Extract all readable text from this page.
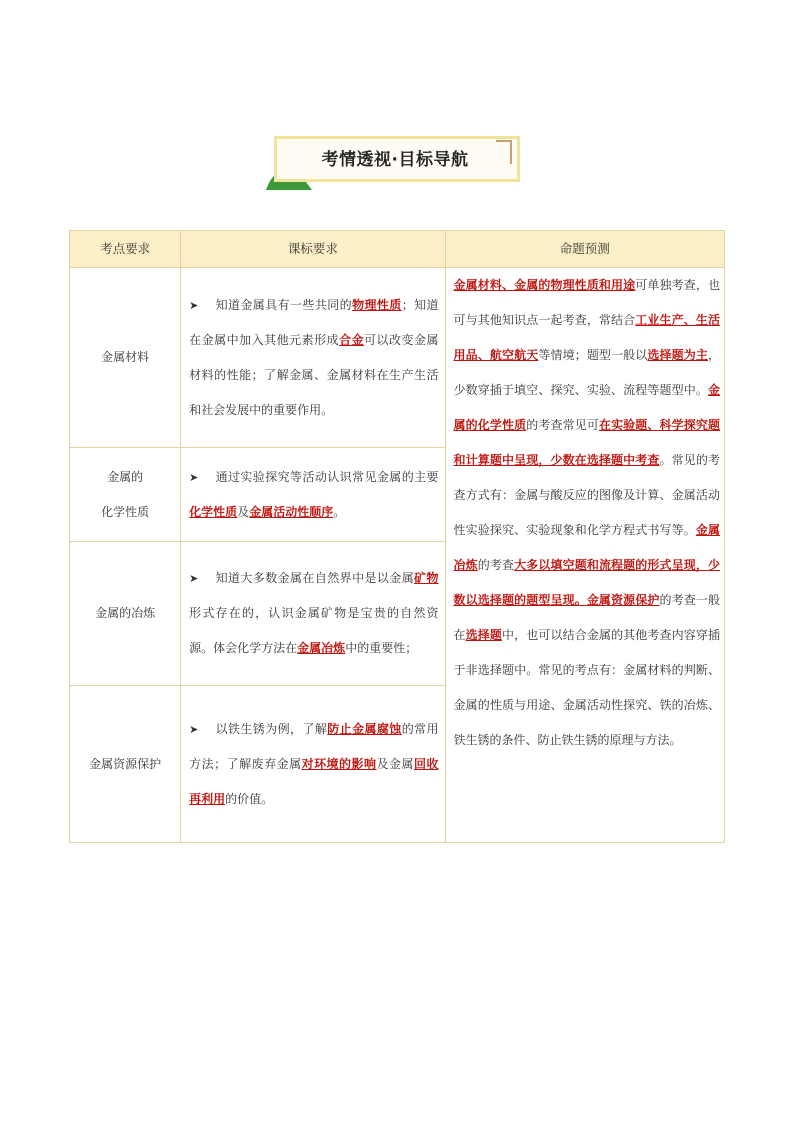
考情透视·目标导航
考点要求	课标要求	命题预测
金属材料	➤ 知道金属具有一些共同的物理性质；知道在金属中加入其他元素形成合金可以改变金属材料的性能；了解金属、金属材料在生产生活和社会发展中的重要作用。	金属材料、金属的物理性质和用途可单独考查，也可与其他知识点一起考查，常结合工业生产、生活用品、航空航天等情境；题型一般以选择题为主，少数穿插于填空、探究、实验、流程等题型中。金属的化学性质的考查常见可在实验题、科学探究题和计算题中呈现，少数在选择题中考查。常见的考查方式有：金属与酸反应的图像及计算、金属活动性实验探究、实验现象和化学方程式书写等。金属冶炼的考查大多以填空题和流程题的形式呈现，少数以选择题的题型呈现。金属资源保护的考查一般在选择题中，也可以结合金属的其他考查内容穿插于非选择题中。常见的考点有：金属材料的判断、金属的性质与用途、金属活动性探究、铁的冶炼、铁生锈的条件、防止铁生锈的原理与方法。

金属的
化学性质	➤ 通过实验探究等活动认识常见金属的主要化学性质及金属活动性顺序。	
金属的冶炼	➤ 知道大多数金属在自然界中是以金属矿物形式存在的，认识金属矿物是宝贵的自然资源。体会化学方法在金属冶炼中的重要性；	
金属资源保护	➤ 以铁生锈为例，了解防止金属腐蚀的常用方法；了解废弃金属对环境的影响及金属回收再利用的价值。	
